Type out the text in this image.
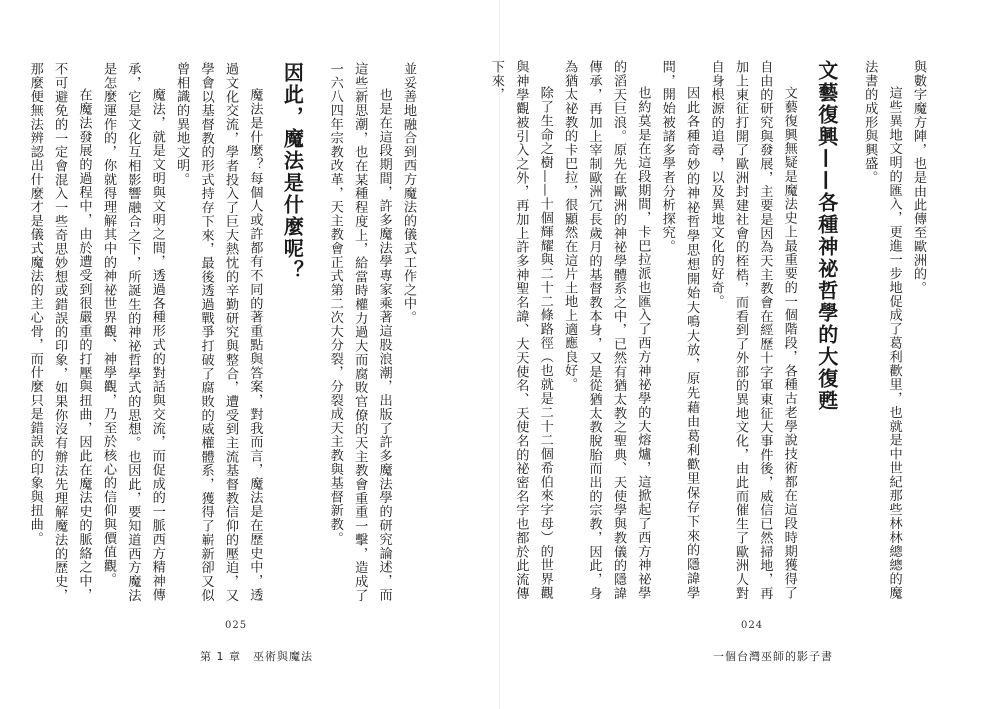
並妥善地融合到西方魔法的儀式工作之中。

也是在這段期間，許多魔法學專家乘著這股浪潮，出版了許多魔法學的研究論述，而這些新思潮，也在某種程度上，給當時權力過大而腐敗官僚的天主教會重重一擊，造成了一六八四年宗教改革，天主教會正式第二次大分裂，分裂成天主教與基督新教。

因此，魔法是什麼呢？

魔法是什麼？每個人或許都有不同的著重點與答案，對我而言，魔法是在歷史中，透過文化交流，學者投入了巨大熱忱的辛勤研究與整合，遭受到主流基督教信仰的壓迫，又學會以基督教的形式持存下來，最後透過戰爭打破了腐敗的威權體系，獲得了嶄新卻又似曾相識的異地文明。

魔法，就是文明與文明之間，透過各種形式的對話與交流，而促成的一脈西方精神傳承，它是文化互相影響融合之下，所誕生的神祕哲學式的思想。也因此，要知道西方魔法是怎麼運作的，你就得理解其中的神祕世界觀、神學觀，乃至於核心的信仰與價值觀。

在魔法發展的過程中，由於遭受到很嚴重的打壓與扭曲，因此在魔法史的脈絡之中，不可避免的一定會混入一些奇思妙想或錯誤的印象，如果你沒有辦法先理解魔法的歷史，那麼便無法辨認出什麼才是儀式魔法的主心骨，而什麼只是錯誤的印象與扭曲。

025
第 1 章　巫術與魔法

與數字魔方陣，也是由此傳至歐洲的。

這些異地文明的匯入，更進一步地促成了葛利歡里，也就是中世紀那些林林總總的魔法書的成形與興盛。

文藝復興——各種神祕哲學的大復甦

文藝復興無疑是魔法史上最重要的一個階段，各種古老學說技術都在這段時期獲得了自由的研究與發展，主要是因為天主教會在經歷十字軍東征大事件後，威信已然掃地，再加上東征打開了歐洲封建社會的桎梏，而看到了外部的異地文化，由此而催生了歐洲人對自身根源的追尋，以及異地文化的好奇。

因此各種奇妙的神祕哲學思想開始大鳴大放，原先藉由葛利歡里保存下來的隱諱學問，開始被諸多學者分析探究。

也約莫是在這段期間，卡巴拉派也匯入了西方神祕學的大熔爐，這掀起了西方神祕學的滔天巨浪。原先在歐洲的神祕學體系之中，已然有猶太教之聖典、天使學與教儀的隱諱傳承，再加上宰制歐洲冗長歲月的基督教本身，又是從猶太教脫胎而出的宗教，因此，身為猶太祕教的卡巴拉，很顯然在這片土地上適應良好。

除了生命之樹——十個輝耀與二十二條路徑（也就是二十二個希伯來字母）的世界觀與神學觀被引入之外，再加上許多神聖名諱、大天使名、天使名的祕密名字也都於此流傳下來，

024
一個台灣巫師的影子書
